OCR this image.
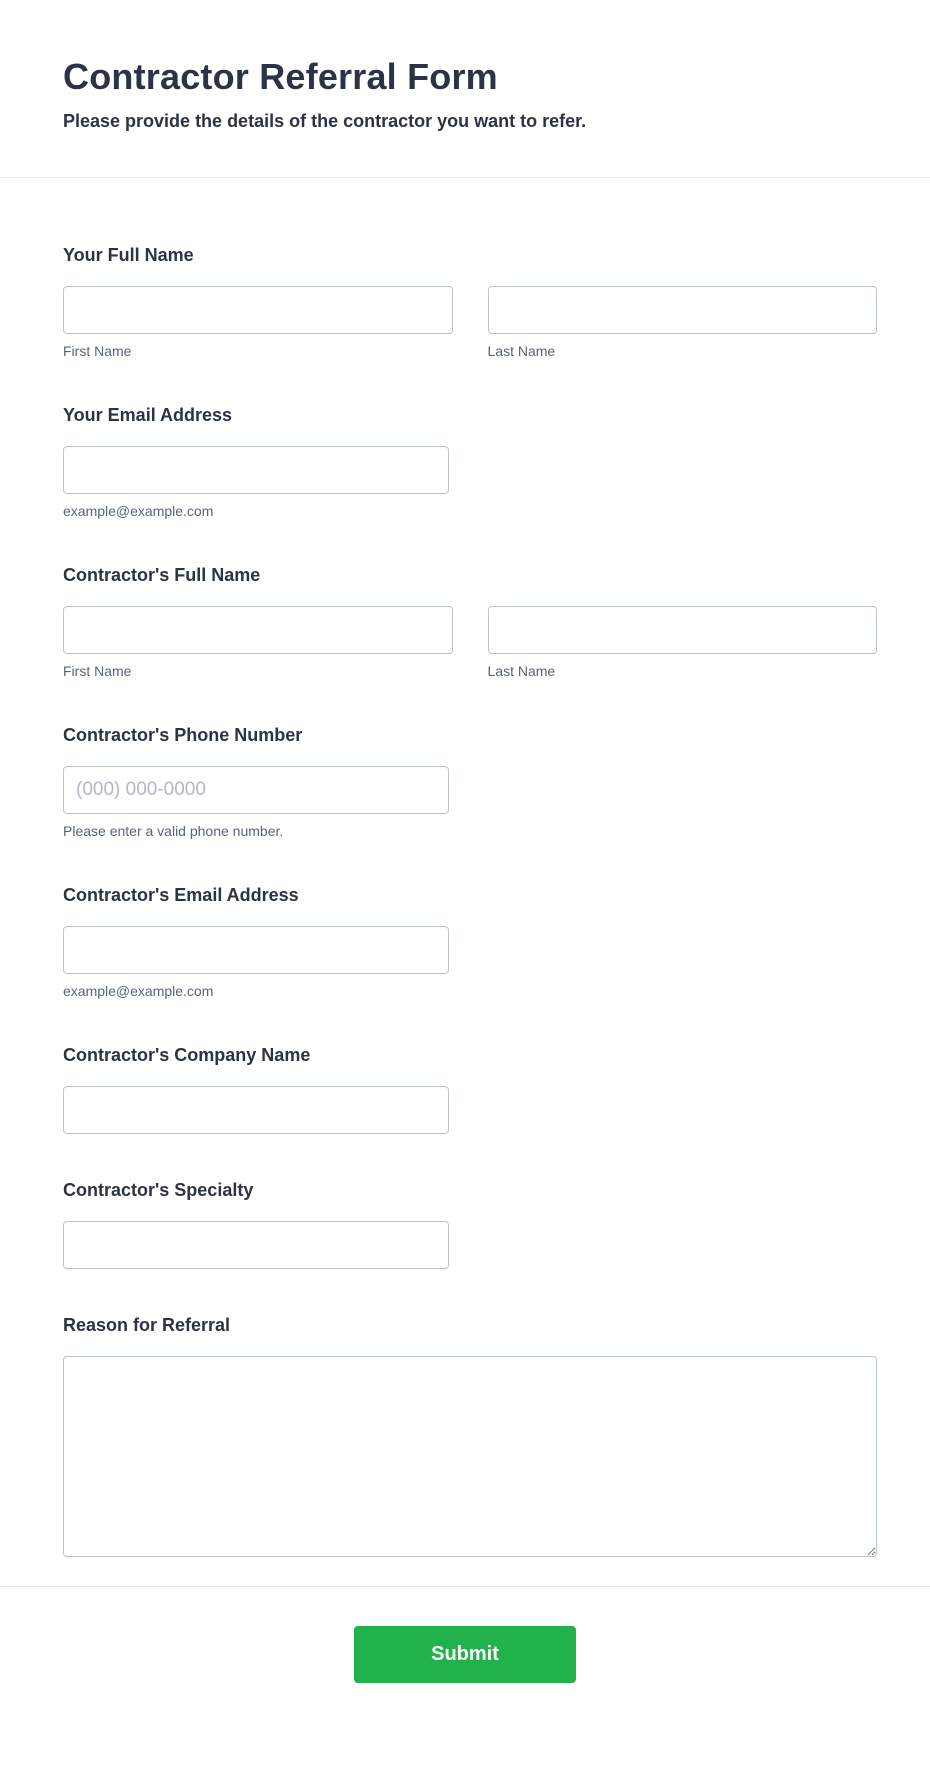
Contractor Referral Form
Please provide the details of the contractor you want to refer.
Your Full Name
First Name	Last Name
Your Email Address
example@example.com
Contractor's Full Name
First Name	Last Name
Contractor's Phone Number
(000) 000-0000
Please enter a valid phone number.
Contractor's Email Address
example@example.com
Contractor's Company Name
Contractor's Specialty
Reason for Referral
Submit
